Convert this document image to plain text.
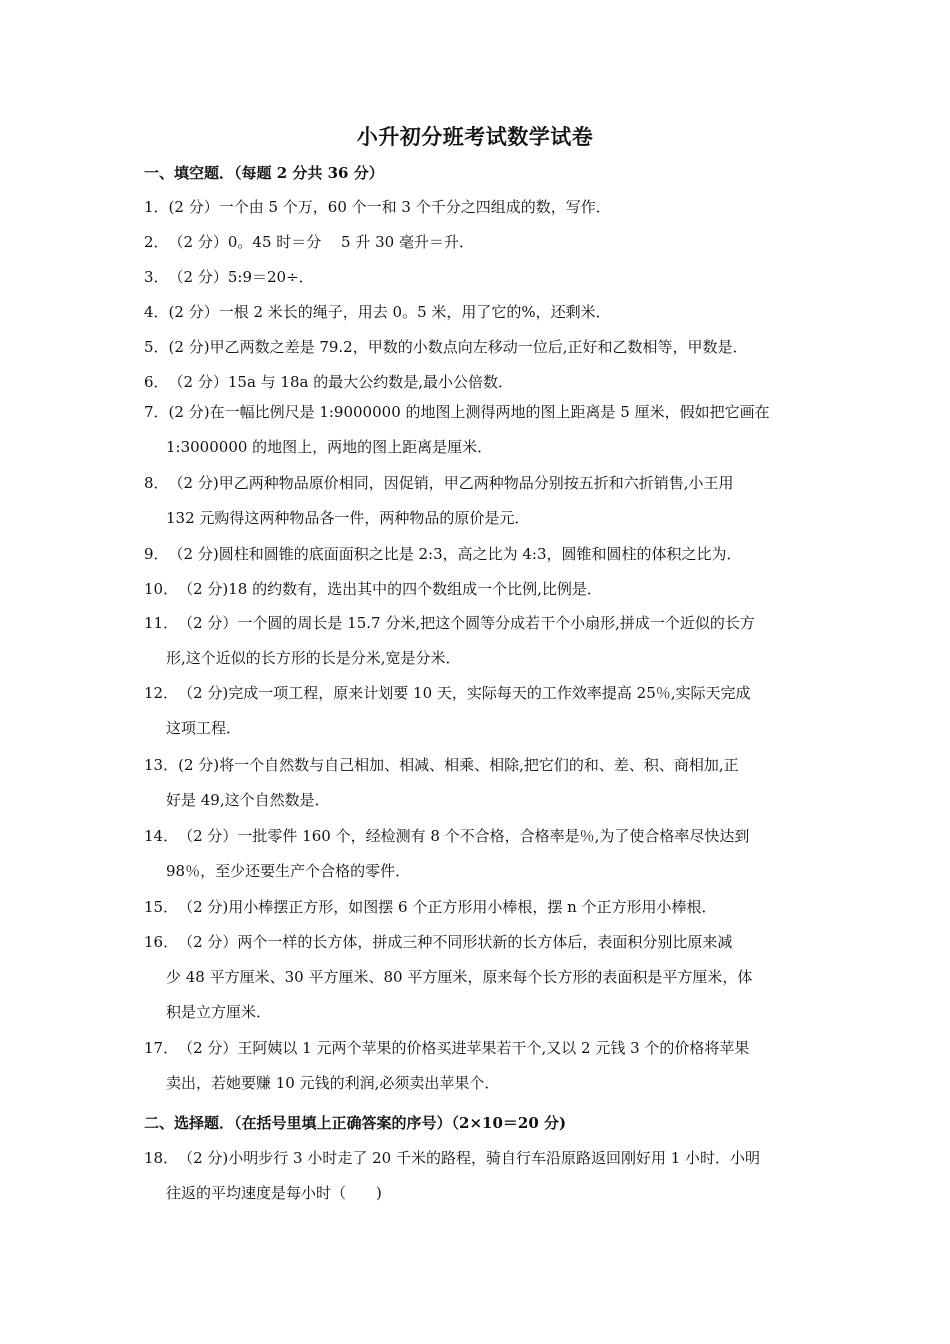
小升初分班考试数学试卷
一、填空题．（每题 2 分共 36 分）
1．(2 分）一个由 5 个万，60 个一和 3 个千分之四组成的数，写作．
2．（2 分）0。45 时＝分　 5 升 30 毫升＝升．
3．（2 分）5:9＝20÷．
4．(2 分）一根 2 米长的绳子，用去 0。5 米，用了它的%，还剩米．
5．(2 分)甲乙两数之差是 79.2，甲数的小数点向左移动一位后,正好和乙数相等，甲数是．
6．（2 分）15a 与 18a 的最大公约数是,最小公倍数．
7．(2 分)在一幅比例尺是 1:9000000 的地图上测得两地的图上距离是 5 厘米，假如把它画在
1:3000000 的地图上，两地的图上距离是厘米．
8．（2 分)甲乙两种物品原价相同，因促销，甲乙两种物品分别按五折和六折销售,小王用
132 元购得这两种物品各一件，两种物品的原价是元．
9．（2 分)圆柱和圆锥的底面面积之比是 2:3，高之比为 4:3，圆锥和圆柱的体积之比为．
10．（2 分)18 的约数有，选出其中的四个数组成一个比例,比例是．
11．（2 分）一个圆的周长是 15.7 分米,把这个圆等分成若干个小扇形,拼成一个近似的长方
形,这个近似的长方形的长是分米,宽是分米．
12．（2 分)完成一项工程，原来计划要 10 天，实际每天的工作效率提高 25％,实际天完成
这项工程．
13．(2 分)将一个自然数与自己相加、相减、相乘、相除,把它们的和、差、积、商相加,正
好是 49,这个自然数是．
14．（2 分）一批零件 160 个，经检测有 8 个不合格，合格率是％,为了使合格率尽快达到
98％，至少还要生产个合格的零件．
15．（2 分)用小棒摆正方形，如图摆 6 个正方形用小棒根，摆 n 个正方形用小棒根．
16．（2 分）两个一样的长方体，拼成三种不同形状新的长方体后，表面积分别比原来减
少 48 平方厘米、30 平方厘米、80 平方厘米，原来每个长方形的表面积是平方厘米，体
积是立方厘米．
17．（2 分）王阿姨以 1 元两个苹果的价格买进苹果若干个,又以 2 元钱 3 个的价格将苹果
卖出，若她要赚 10 元钱的利润,必须卖出苹果个．
二、选择题．（在括号里填上正确答案的序号）（2×10＝20 分)
18．（2 分)小明步行 3 小时走了 20 千米的路程，骑自行车沿原路返回刚好用 1 小时．小明
往返的平均速度是每小时（　　)
